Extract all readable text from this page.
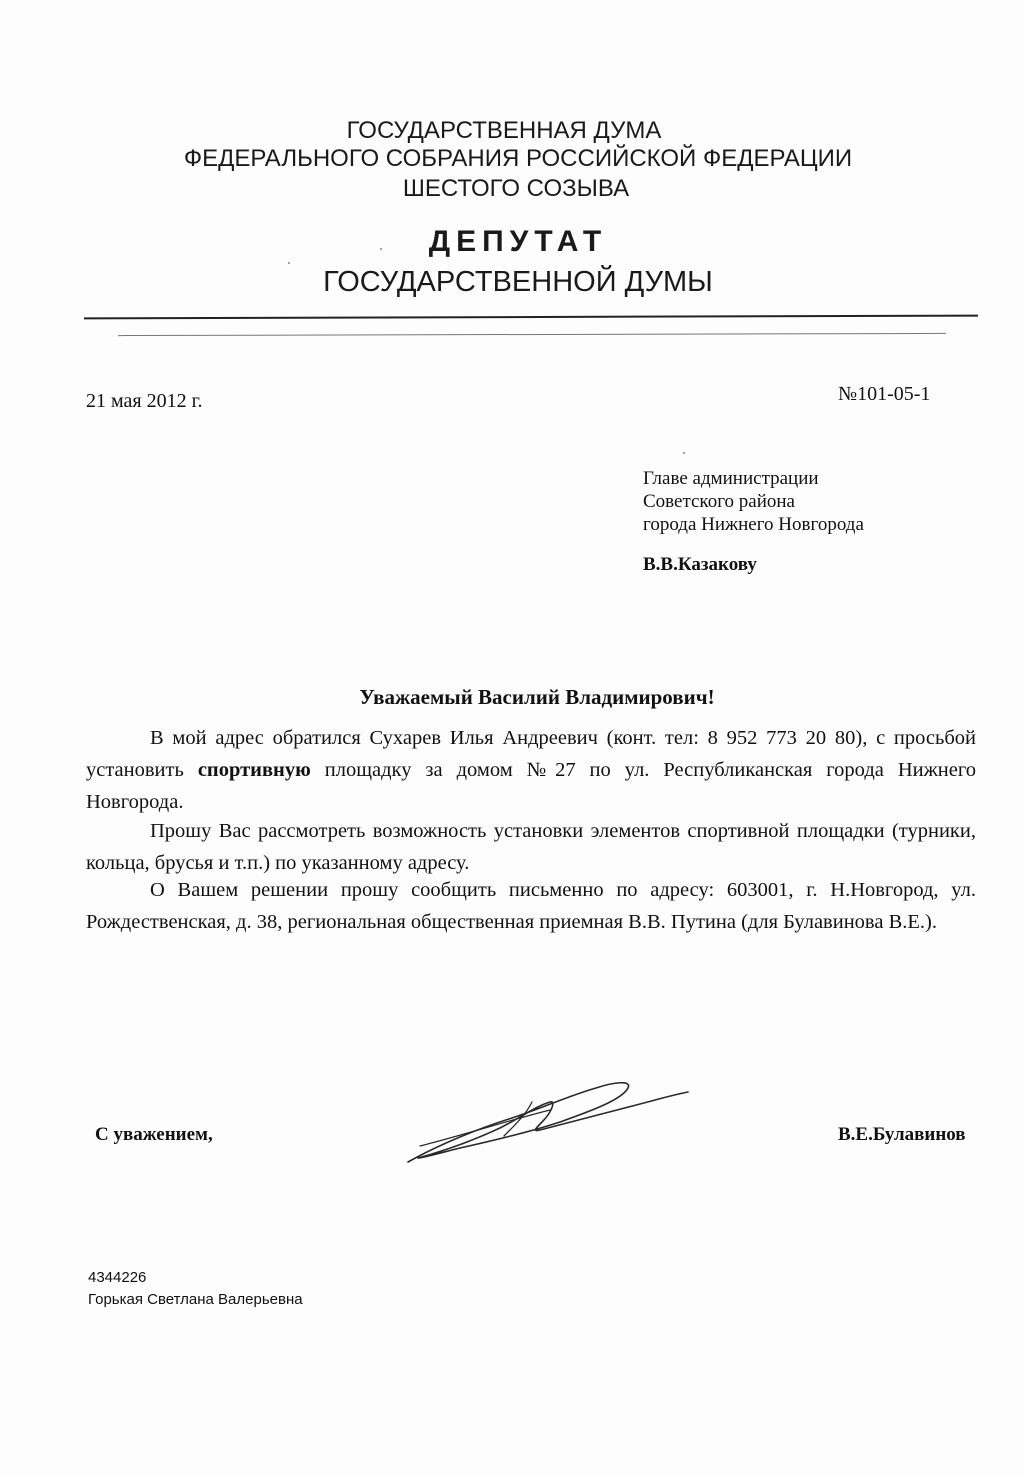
ГОСУДАРСТВЕННАЯ ДУМА
ФЕДЕРАЛЬНОГО СОБРАНИЯ РОССИЙСКОЙ ФЕДЕРАЦИИ
ШЕСТОГО СОЗЫВА
ДЕПУТАТ
ГОСУДАРСТВЕННОЙ ДУМЫ
21 мая 2012 г.	№101-05-1
Главе администрации
Советского района
города Нижнего Новгорода
В.В.Казакову
Уважаемый Василий Владимирович!
В мой адрес обратился Сухарев Илья Андреевич (конт. тел: 8 952 773 20 80), с просьбой установить спортивную площадку за домом №27 по ул. Республиканская города Нижнего Новгорода.
Прошу Вас рассмотреть возможность установки элементов спортивной площадки (турники, кольца, брусья и т.п.) по указанному адресу.
О Вашем решении прошу сообщить письменно по адресу: 603001, г. Н.Новгород, ул. Рождественская, д. 38, региональная общественная приемная В.В. Путина (для Булавинова В.Е.).
С уважением,	В.Е.Булавинов
4344226
Горькая Светлана Валерьевна
